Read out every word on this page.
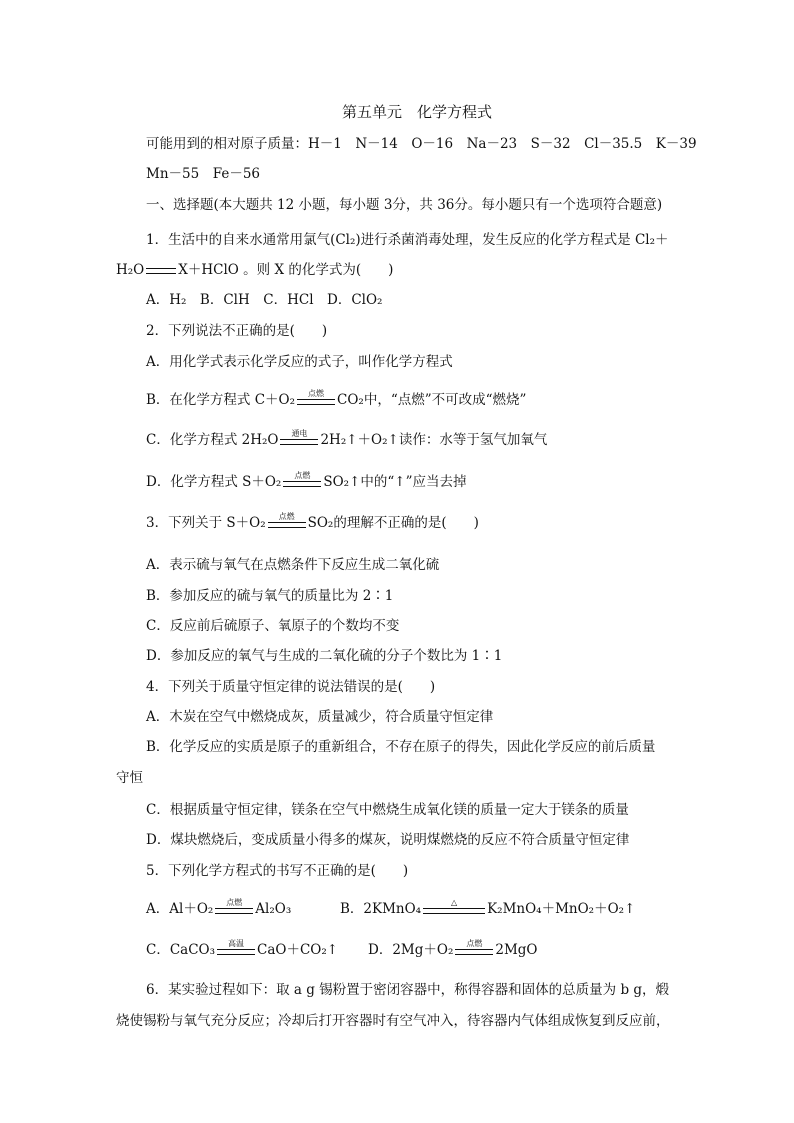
第五单元　化学方程式
可能用到的相对原子质量：H－1　N－14　O－16　Na－23　S－32　Cl－35.5　K－39
Mn－55　Fe－56
一、选择题(本大题共 12 小题，每小题 3分，共 36分。每小题只有一个选项符合题意)
1．生活中的自来水通常用氯气(Cl₂)进行杀菌消毒处理，发生反应的化学方程式是 Cl₂＋
H₂O	X＋HClO 。则 X 的化学式为(　　)
A．H₂　B．ClH　C．HCl　D．ClO₂
2．下列说法不正确的是(　　)
A．用化学式表示化学反应的式子，叫作化学方程式
B．在化学方程式 C＋O₂	点燃 CO₂中，“点燃”不可改成“燃烧”
C．化学方程式 2H₂O	通电 2H₂↑＋O₂↑读作：水等于氢气加氧气
D．化学方程式 S＋O₂	点燃 SO₂↑中的“↑”应当去掉
3．下列关于 S＋O₂	点燃 SO₂的理解不正确的是(　　)
A．表示硫与氧气在点燃条件下反应生成二氧化硫
B．参加反应的硫与氧气的质量比为 2∶1
C．反应前后硫原子、氧原子的个数均不变
D．参加反应的氧气与生成的二氧化硫的分子个数比为 1∶1
4．下列关于质量守恒定律的说法错误的是(　　)
A．木炭在空气中燃烧成灰，质量减少，符合质量守恒定律
B．化学反应的实质是原子的重新组合，不存在原子的得失，因此化学反应的前后质量
守恒
C．根据质量守恒定律，镁条在空气中燃烧生成氧化镁的质量一定大于镁条的质量
D．煤块燃烧后，变成质量小得多的煤灰，说明煤燃烧的反应不符合质量守恒定律
5．下列化学方程式的书写不正确的是(　　)
A．Al＋O₂	点燃 Al₂O₃	B．2KMnO₄	△	K₂MnO₄＋MnO₂＋O₂↑
C．CaCO₃	高温 CaO＋CO₂↑ D．2Mg＋O₂	点燃 2MgO
6．某实验过程如下：取 a g 锡粉置于密闭容器中，称得容器和固体的总质量为 b g，煅
烧使锡粉与氧气充分反应；冷却后打开容器时有空气冲入，待容器内气体组成恢复到反应前，
